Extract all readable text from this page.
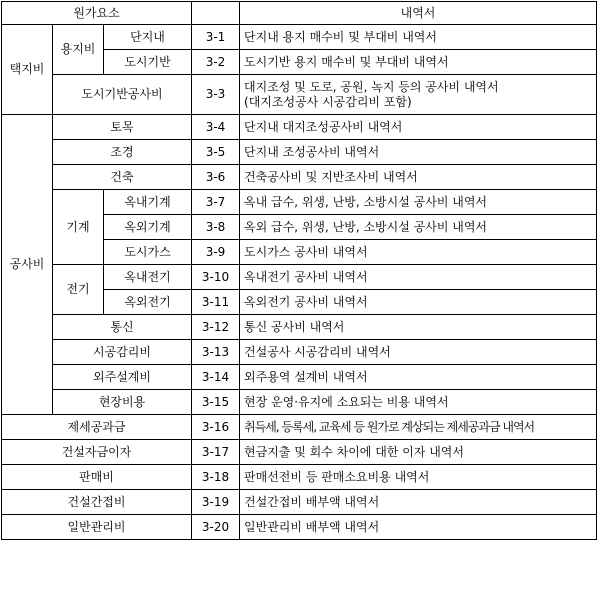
원가요소				내역서
택지비	용지비	단지내	3-1	단지내 용지 매수비 및 부대비 내역서
		도시기반	3-2	도시기반 용지 매수비 및 부대비 내역서
	도시기반공사비		3-3	대지조성 및 도로, 공원, 녹지 등의 공사비 내역서
(대지조성공사 시공감리비 포함)
공사비	토목		3-4	단지내 대지조성공사비 내역서
	조경		3-5	단지내 조성공사비 내역서
	건축		3-6	건축공사비 및 지반조사비 내역서
	기계	옥내기계	3-7	옥내 급수, 위생, 난방, 소방시설 공사비 내역서
		옥외기계	3-8	옥외 급수, 위생, 난방, 소방시설 공사비 내역서
		도시가스	3-9	도시가스 공사비 내역서
	전기	옥내전기	3-10	옥내전기 공사비 내역서
		옥외전기	3-11	옥외전기 공사비 내역서
	통신		3-12	통신 공사비 내역서
	시공감리비		3-13	건설공사 시공감리비 내역서
	외주설계비		3-14	외주용역 설계비 내역서
	현장비용		3-15	현장 운영·유지에 소요되는 비용 내역서
제세공과금			3-16	취득세, 등록세, 교육세 등 원가로 계상되는 제세공과금 내역서
건설자금이자			3-17	현금지출 및 회수 차이에 대한 이자 내역서
판매비			3-18	판매선전비 등 판매소요비용 내역서
건설간접비			3-19	건설간접비 배부액 내역서
일반관리비			3-20	일반관리비 배부액 내역서
